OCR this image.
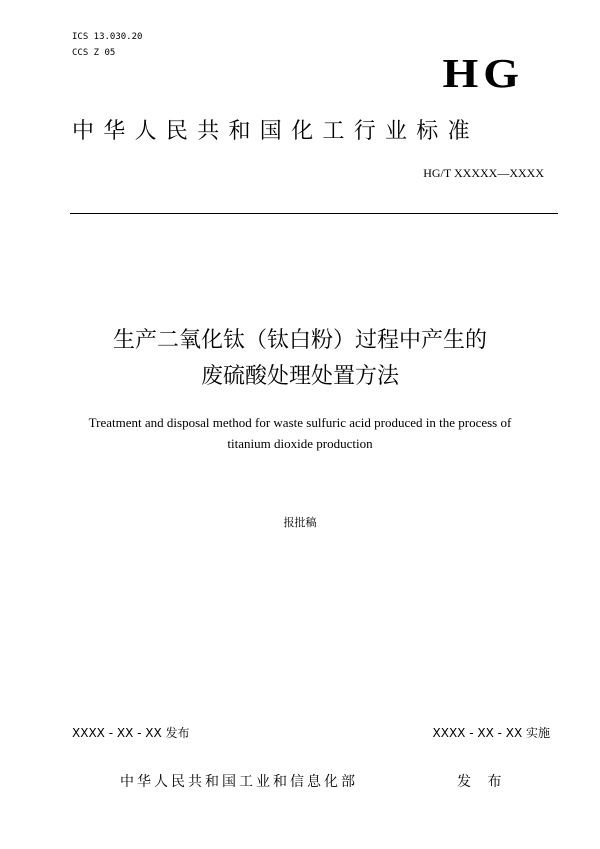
ICS 13.030.20
CCS Z 05	HG
中华人民共和国化工行业标准
HG/T XXXXX—XXXX
生产二氧化钛（钛白粉）过程中产生的
废硫酸处理处置方法
Treatment and disposal method for waste sulfuric acid produced in the process of
titanium dioxide production
报批稿
XXXX - XX - XX 发布	XXXX - XX - XX 实施
中华人民共和国工业和信息化部	发 布
